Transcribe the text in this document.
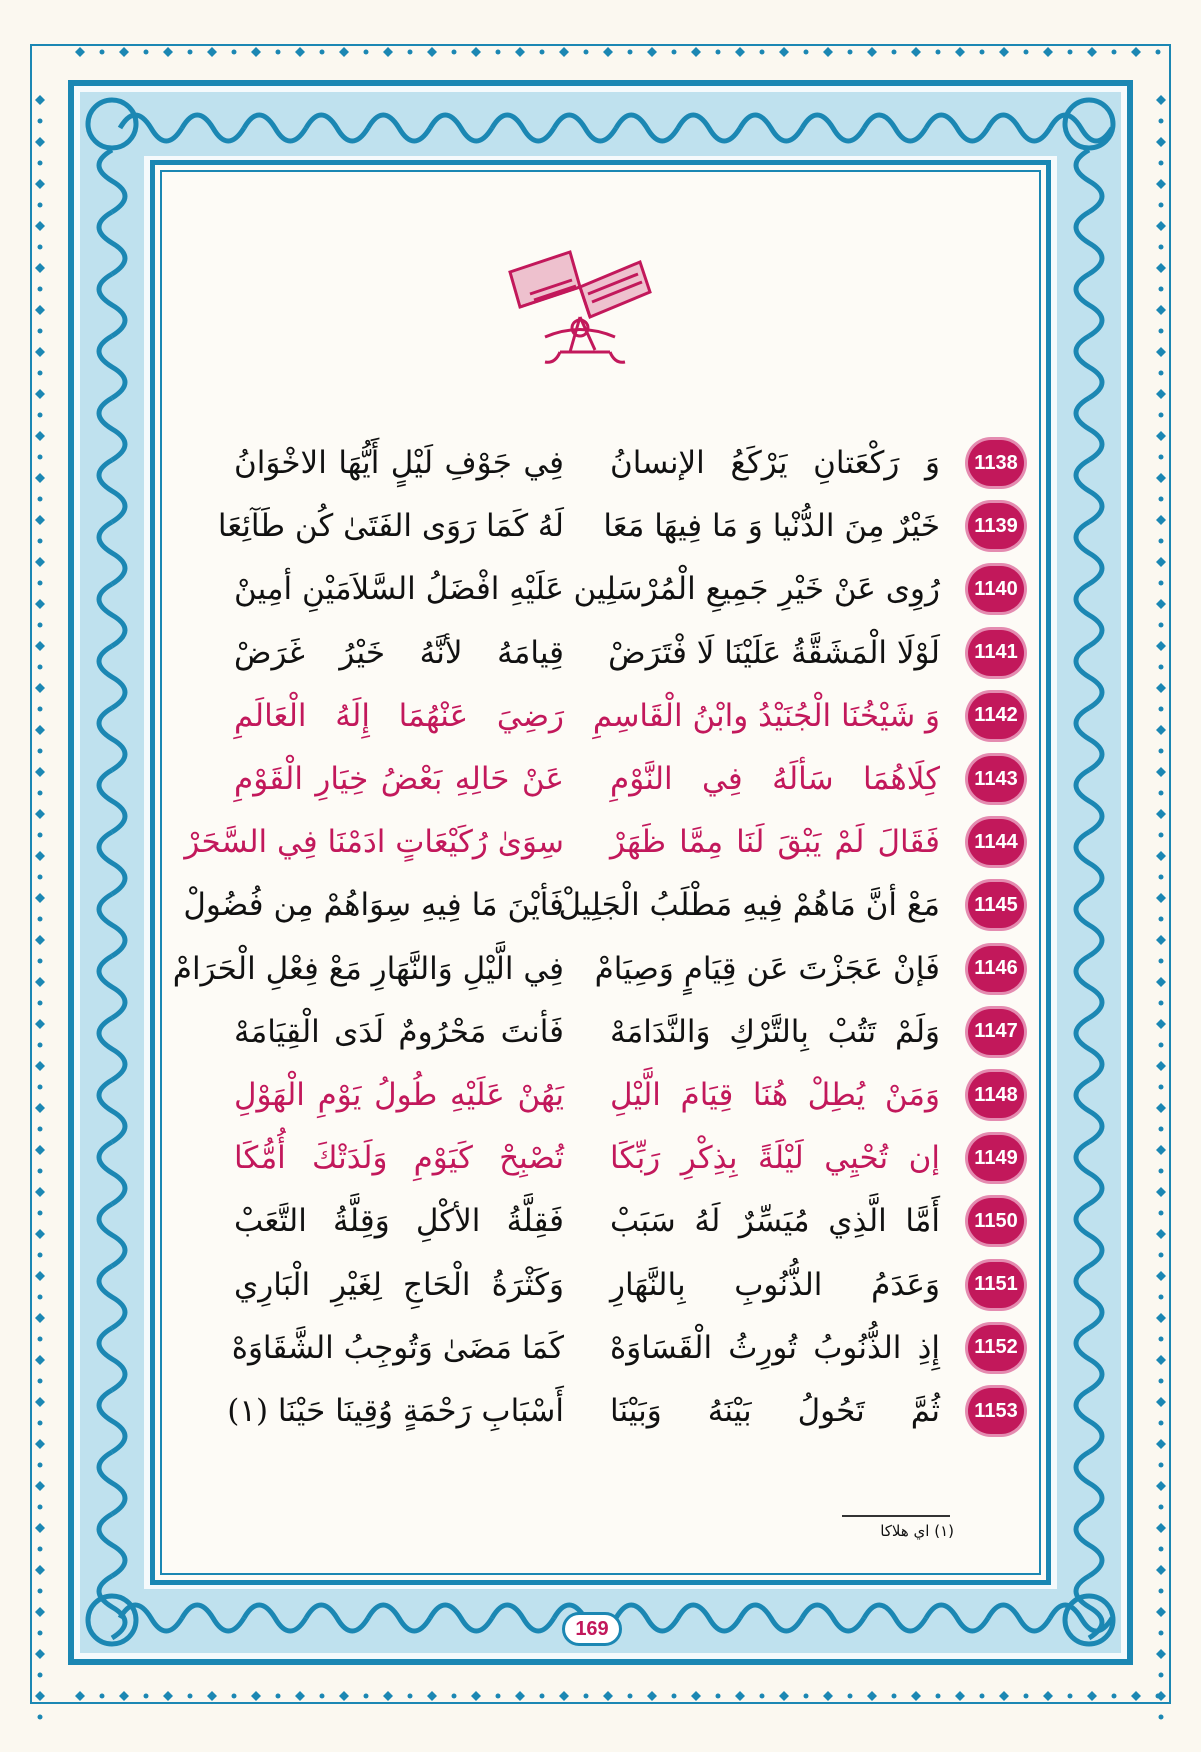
1138
وَ رَكْعَتانِ يَرْكَعُ الإنسانُ
فِي جَوْفِ لَيْلٍ أَيُّهَا الاخْوَانُ
1139
خَيْرٌ مِنَ الدُّنْيا وَ مَا فِيهَا مَعَا
لَهُ كَمَا رَوَى الفَتَىٰ كُن طَآئِعَا
1140
رُوِى عَنْ خَيْرِ جَمِيعِ الْمُرْسَلِين
عَلَيْهِ افْضَلُ السَّلاَمَيْنِ أمِينْ
1141
لَوْلَا الْمَشَقَّةُ عَلَيْنَا لَا فْتَرَضْ
قِيامَهُ لأنَّهُ خَيْرُ غَرَضْ
1142
وَ شَيْخُنَا الْجُنَيْدُ وابْنُ الْقَاسِمِ
رَضِيَ عَنْهُمَا إِلَهُ الْعَالَمِ
1143
كِلَاهُمَا سَألَهُ فِي النَّوْمِ
عَنْ حَالِهِ بَعْضُ خِيَارِ الْقَوْمِ
1144
فَقَالَ لَمْ يَبْقَ لَنَا مِمَّا ظَهَرْ
سِوَىٰ رُكَيْعَاتٍ ادَمْنَا فِي السَّحَرْ
1145
مَعْ أنَّ مَاهُمْ فِيهِ مَطْلَبُ الْجَلِيلْ
فَأيْنَ مَا فِيهِ سِوَاهُمْ مِن فُضُولْ
1146
فَإنْ عَجَزْتَ عَن قِيَامٍ وَصِيَامْ
فِي الَّيْلِ وَالنَّهَارِ مَعْ فِعْلِ الْحَرَامْ
1147
وَلَمْ تَتُبْ بِالتَّرْكِ وَالنَّدَامَهْ
فَأنتَ مَحْرُومٌ لَدَى الْقِيَامَهْ
1148
وَمَنْ يُطِلْ هُنَا قِيَامَ الَّيْلِ
يَهُنْ عَلَيْهِ طُولُ يَوْمِ الْهَوْلِ
1149
إن تُحْيِي لَيْلَةً بِذِكْرِ رَبِّكَا
تُصْبِحْ كَيَوْمِ وَلَدَتْكَ أُمُّكَا
1150
أَمَّا الَّذِي مُيَسِّرٌ لَهُ سَبَبْ
فَقِلَّةُ الأكْلِ وَقِلَّةُ التَّعَبْ
1151
وَعَدَمُ الذُّنُوبِ بِالنَّهَارِ
وَكَثْرَةُ الْحَاجِ لِغَيْرِ الْبَارِي
1152
إِذِ الذُّنُوبُ تُورِثُ الْقَسَاوَهْ
كَمَا مَضَىٰ وَتُوجِبُ الشَّقَاوَهْ
1153
ثُمَّ تَحُولُ بَيْنَهُ وَبَيْنَا
أَسْبَابِ رَحْمَةٍ وُقِينَا حَيْنَا (١)
(١) اي هلاكا
169
